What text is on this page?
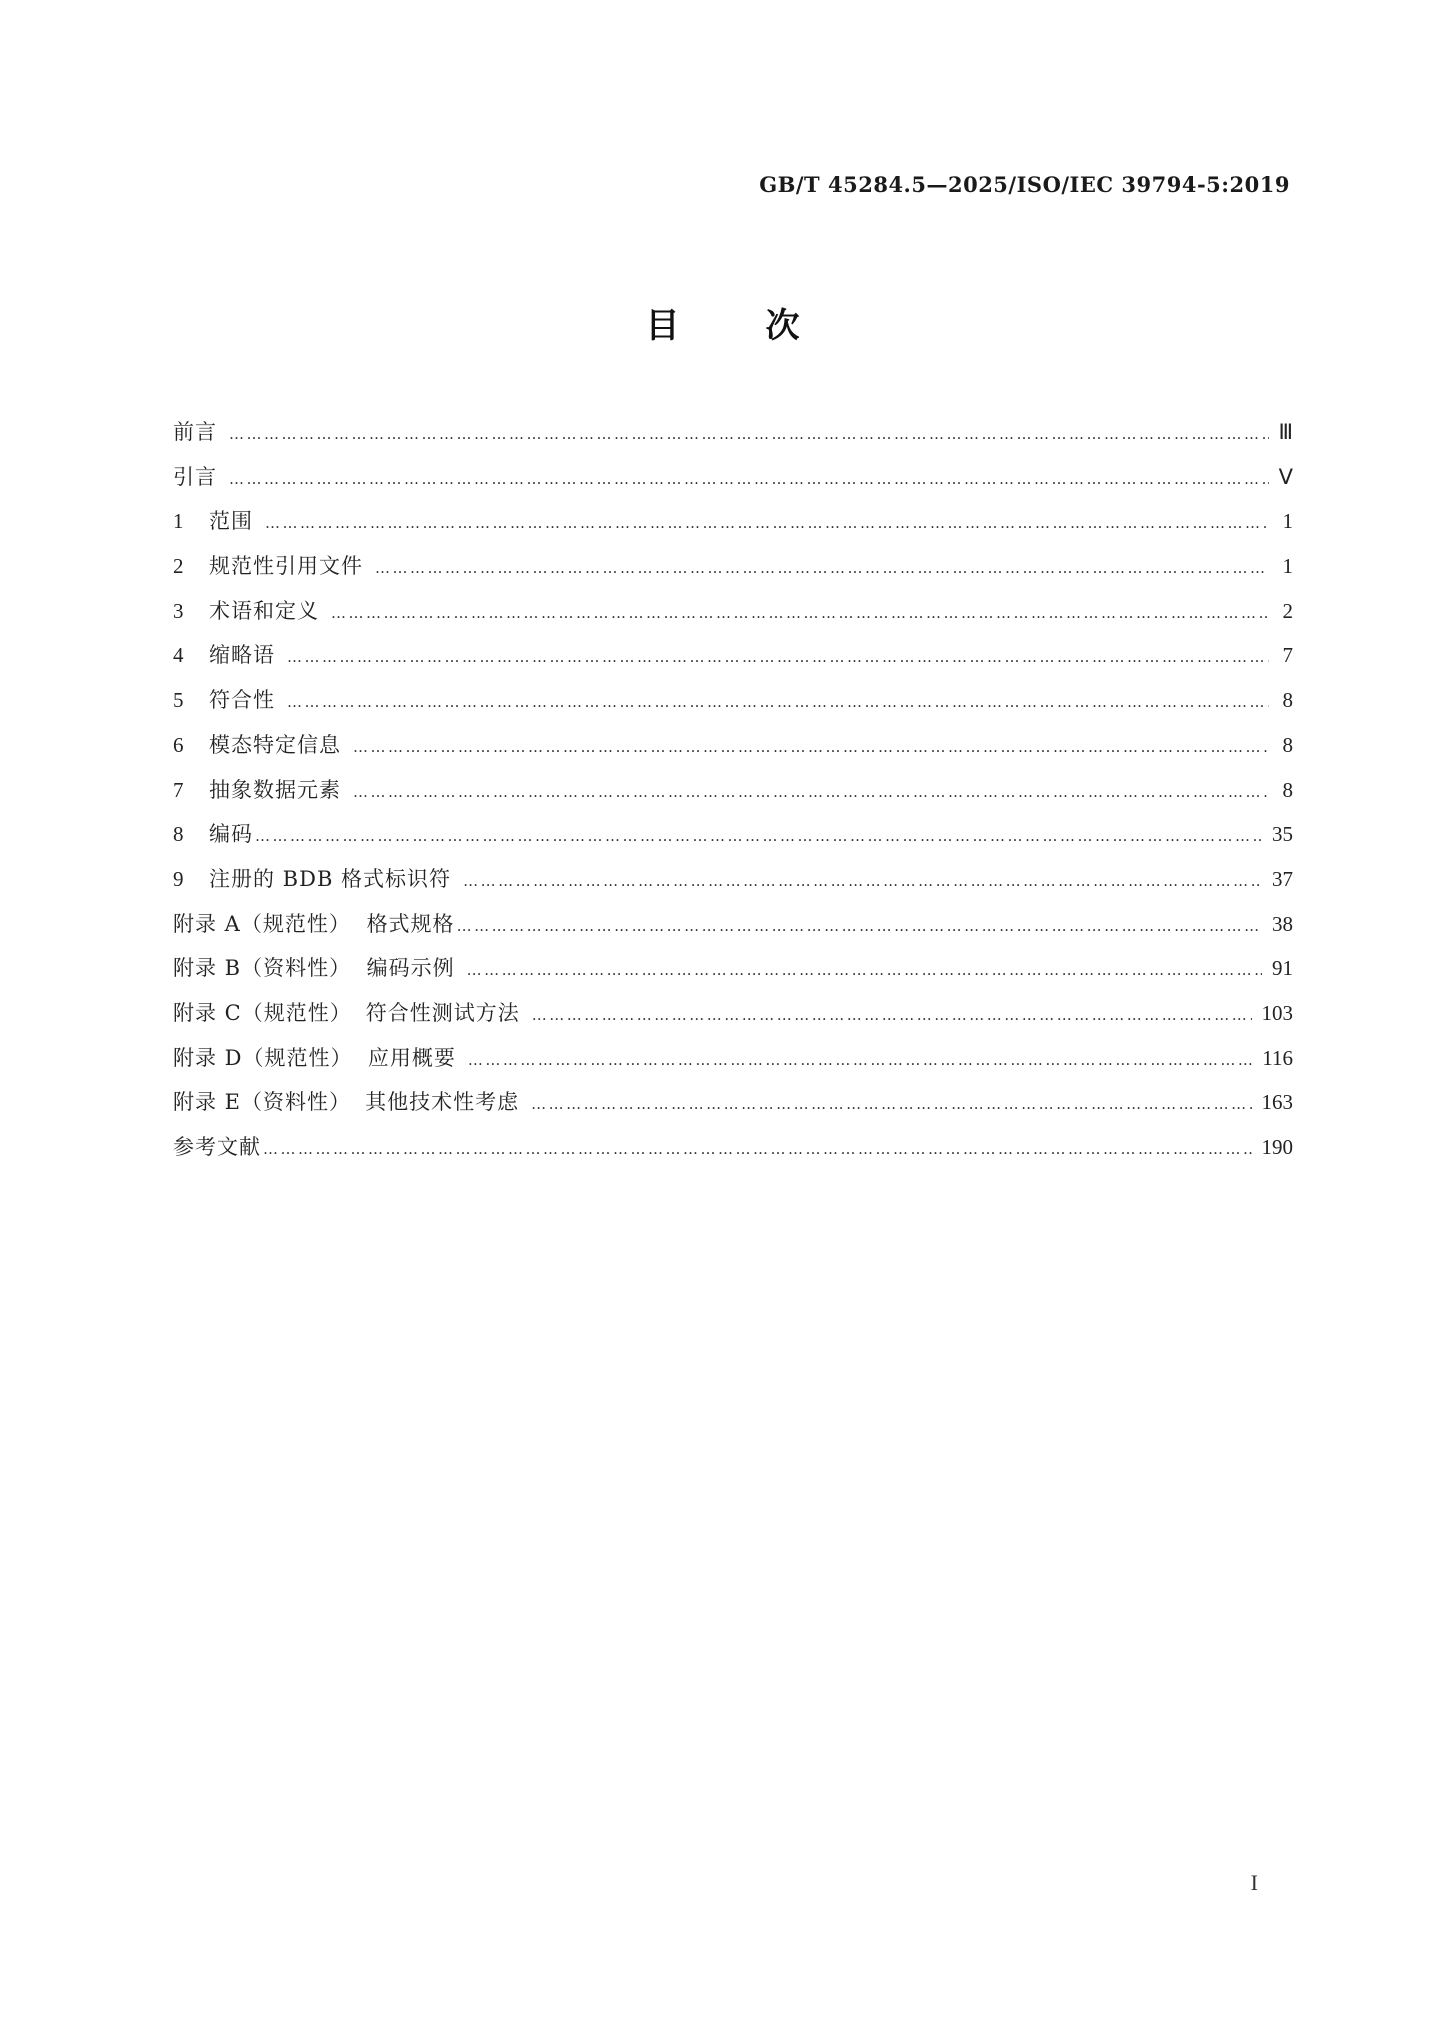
GB/T 45284.5—2025/ISO/IEC 39794-5:2019
目	次
前言 …………………………………………………………………………………………………………………………………………………………………………………………………………………………	Ⅲ
引言 …………………………………………………………………………………………………………………………………………………………………………………………………………………………	Ⅴ
1	范围 …………………………………………………………………………………………………………………………………………………………………………………………………………………………	1
2	规范性引用文件 …………………………………………………………………………………………………………………………………………………………………………………………………………………………	1
3	术语和定义 …………………………………………………………………………………………………………………………………………………………………………………………………………………………	2
4	缩略语 …………………………………………………………………………………………………………………………………………………………………………………………………………………………	7
5	符合性 …………………………………………………………………………………………………………………………………………………………………………………………………………………………	8
6	模态特定信息 …………………………………………………………………………………………………………………………………………………………………………………………………………………………	8
7	抽象数据元素 …………………………………………………………………………………………………………………………………………………………………………………………………………………………	8
8	编码 …………………………………………………………………………………………………………………………………………………………………………………………………………………………	35
9	注册的 BDB 格式标识符 …………………………………………………………………………………………………………………………………………………………………………………………………………………………	37
附录 A（规范性） 格式规格 …………………………………………………………………………………………………………………………………………………………………………………………………………………………	38
附录 B（资料性） 编码示例 …………………………………………………………………………………………………………………………………………………………………………………………………………………………	91
附录 C（规范性） 符合性测试方法 …………………………………………………………………………………………………………………………………………………………………………………………………………………………	103
附录 D（规范性） 应用概要 …………………………………………………………………………………………………………………………………………………………………………………………………………………………	116
附录 E（资料性） 其他技术性考虑 …………………………………………………………………………………………………………………………………………………………………………………………………………………………	163
参考文献 …………………………………………………………………………………………………………………………………………………………………………………………………………………………	190
I
